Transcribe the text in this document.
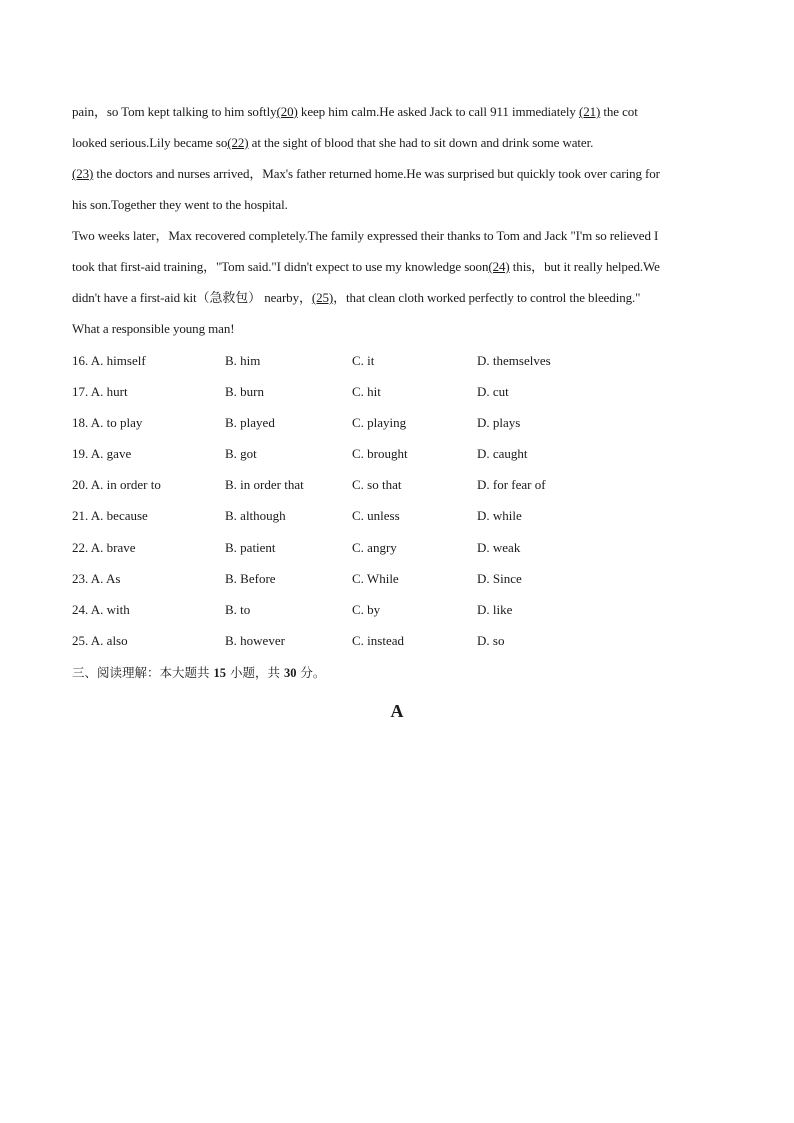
pain，so Tom kept talking to him softly(20) keep him calm.He asked Jack to call 911 immediately (21) the cot
looked serious.Lily became so(22) at the sight of blood that she had to sit down and drink some water.
(23) the doctors and nurses arrived，Max's father returned home.He was surprised but quickly took over caring for
his son.Together they went to the hospital.
Two weeks later，Max recovered completely.The family expressed their thanks to Tom and Jack "I'm so relieved I
took that first-aid training，"Tom said."I didn't expect to use my knowledge soon(24) this，but it really helped.We
didn't have a first-aid kit（急救包） nearby，(25)，that clean cloth worked perfectly to control the bleeding."
What a responsible young man!
16. A. himself	B. him	C. it	D. themselves
17. A. hurt	B. burn	C. hit	D. cut
18. A. to play	B. played	C. playing	D. plays
19. A. gave	B. got	C. brought	D. caught
20. A. in order to	B. in order that	C. so that	D. for fear of
21. A. because	B. although	C. unless	D. while
22. A. brave	B. patient	C. angry	D. weak
23. A. As	B. Before	C. While	D. Since
24. A. with	B. to	C. by	D. like
25. A. also	B. however	C. instead	D. so
三、阅读理解：本大题共 15 小题，共 30 分。
A
